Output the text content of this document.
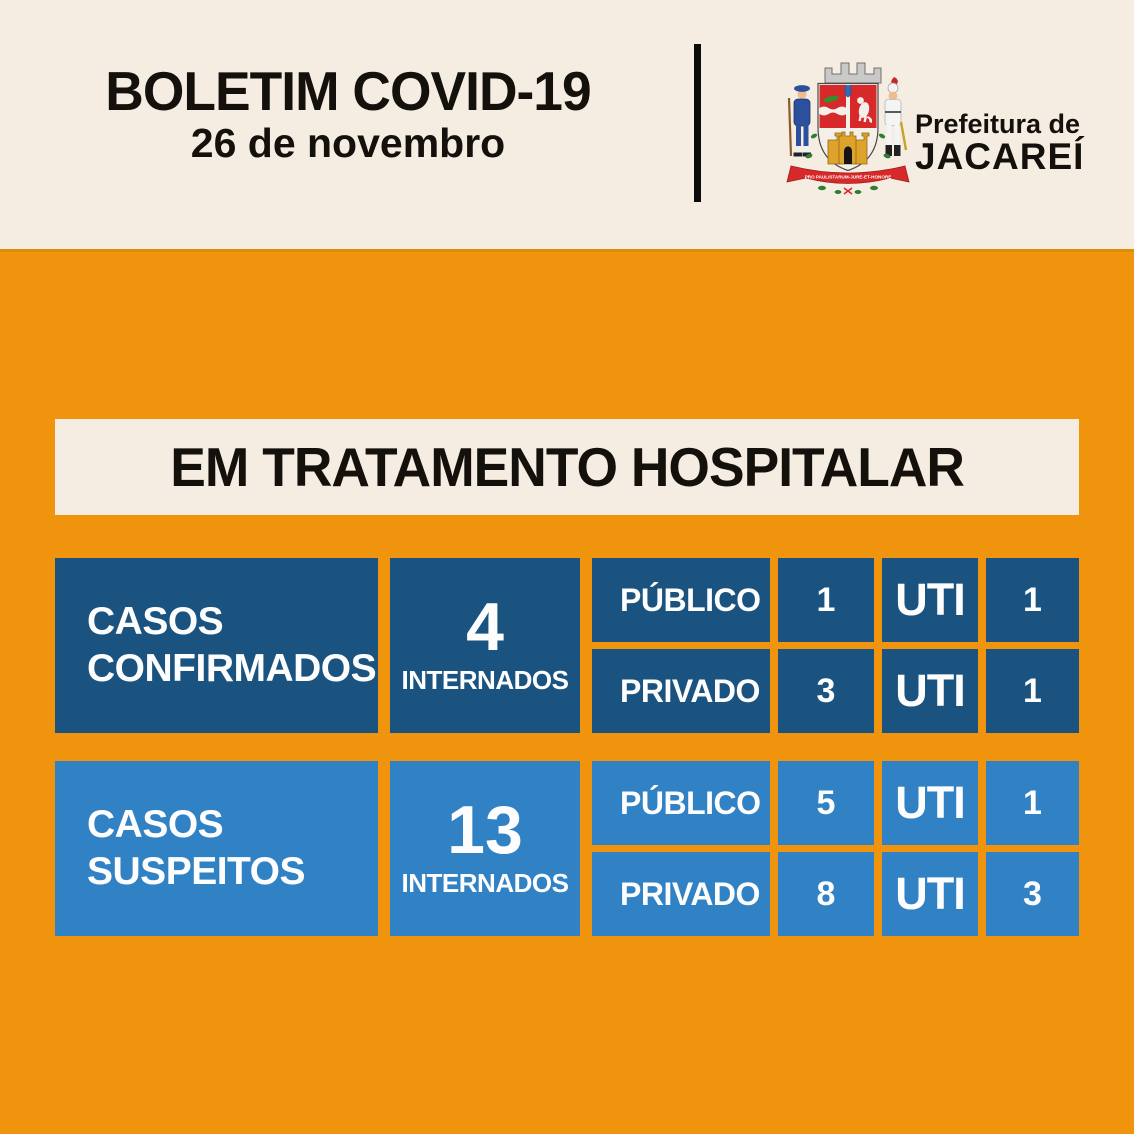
BOLETIM COVID-19
26 de novembro
PRO PAULISTARUM-JURE-ET-HONORE
Prefeitura de
JACAREÍ
EM TRATAMENTO HOSPITALAR
CASOS
CONFIRMADOS
4
INTERNADOS
PÚBLICO 1 UTI 1
PRIVADO 3 UTI 1
CASOS
SUSPEITOS
13
INTERNADOS
PÚBLICO 5 UTI 1
PRIVADO 8 UTI 3
